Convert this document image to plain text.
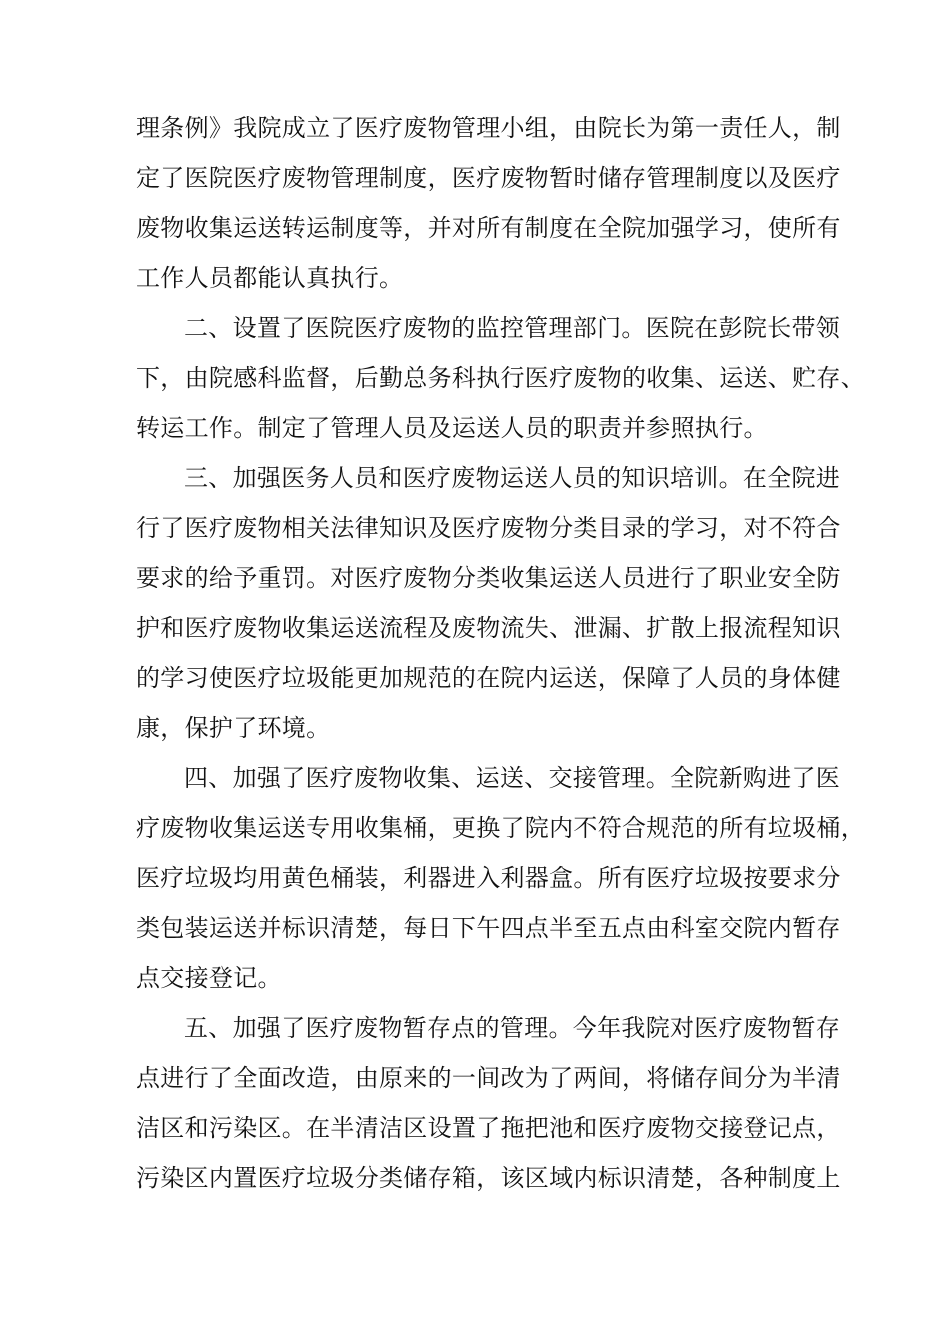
理条例》我院成立了医疗废物管理小组，由院长为第一责任人，制
定了医院医疗废物管理制度，医疗废物暂时储存管理制度以及医疗
废物收集运送转运制度等，并对所有制度在全院加强学习，使所有
工作人员都能认真执行。
二、设置了医院医疗废物的监控管理部门。医院在彭院长带领
下，由院感科监督，后勤总务科执行医疗废物的收集、运送、贮存、
转运工作。制定了管理人员及运送人员的职责并参照执行。
三、加强医务人员和医疗废物运送人员的知识培训。在全院进
行了医疗废物相关法律知识及医疗废物分类目录的学习，对不符合
要求的给予重罚。对医疗废物分类收集运送人员进行了职业安全防
护和医疗废物收集运送流程及废物流失、泄漏、扩散上报流程知识
的学习使医疗垃圾能更加规范的在院内运送，保障了人员的身体健
康，保护了环境。
四、加强了医疗废物收集、运送、交接管理。全院新购进了医
疗废物收集运送专用收集桶，更换了院内不符合规范的所有垃圾桶，
医疗垃圾均用黄色桶装，利器进入利器盒。所有医疗垃圾按要求分
类包装运送并标识清楚，每日下午四点半至五点由科室交院内暂存
点交接登记。
五、加强了医疗废物暂存点的管理。今年我院对医疗废物暂存
点进行了全面改造，由原来的一间改为了两间，将储存间分为半清
洁区和污染区。在半清洁区设置了拖把池和医疗废物交接登记点，
污染区内置医疗垃圾分类储存箱，该区域内标识清楚，各种制度上
